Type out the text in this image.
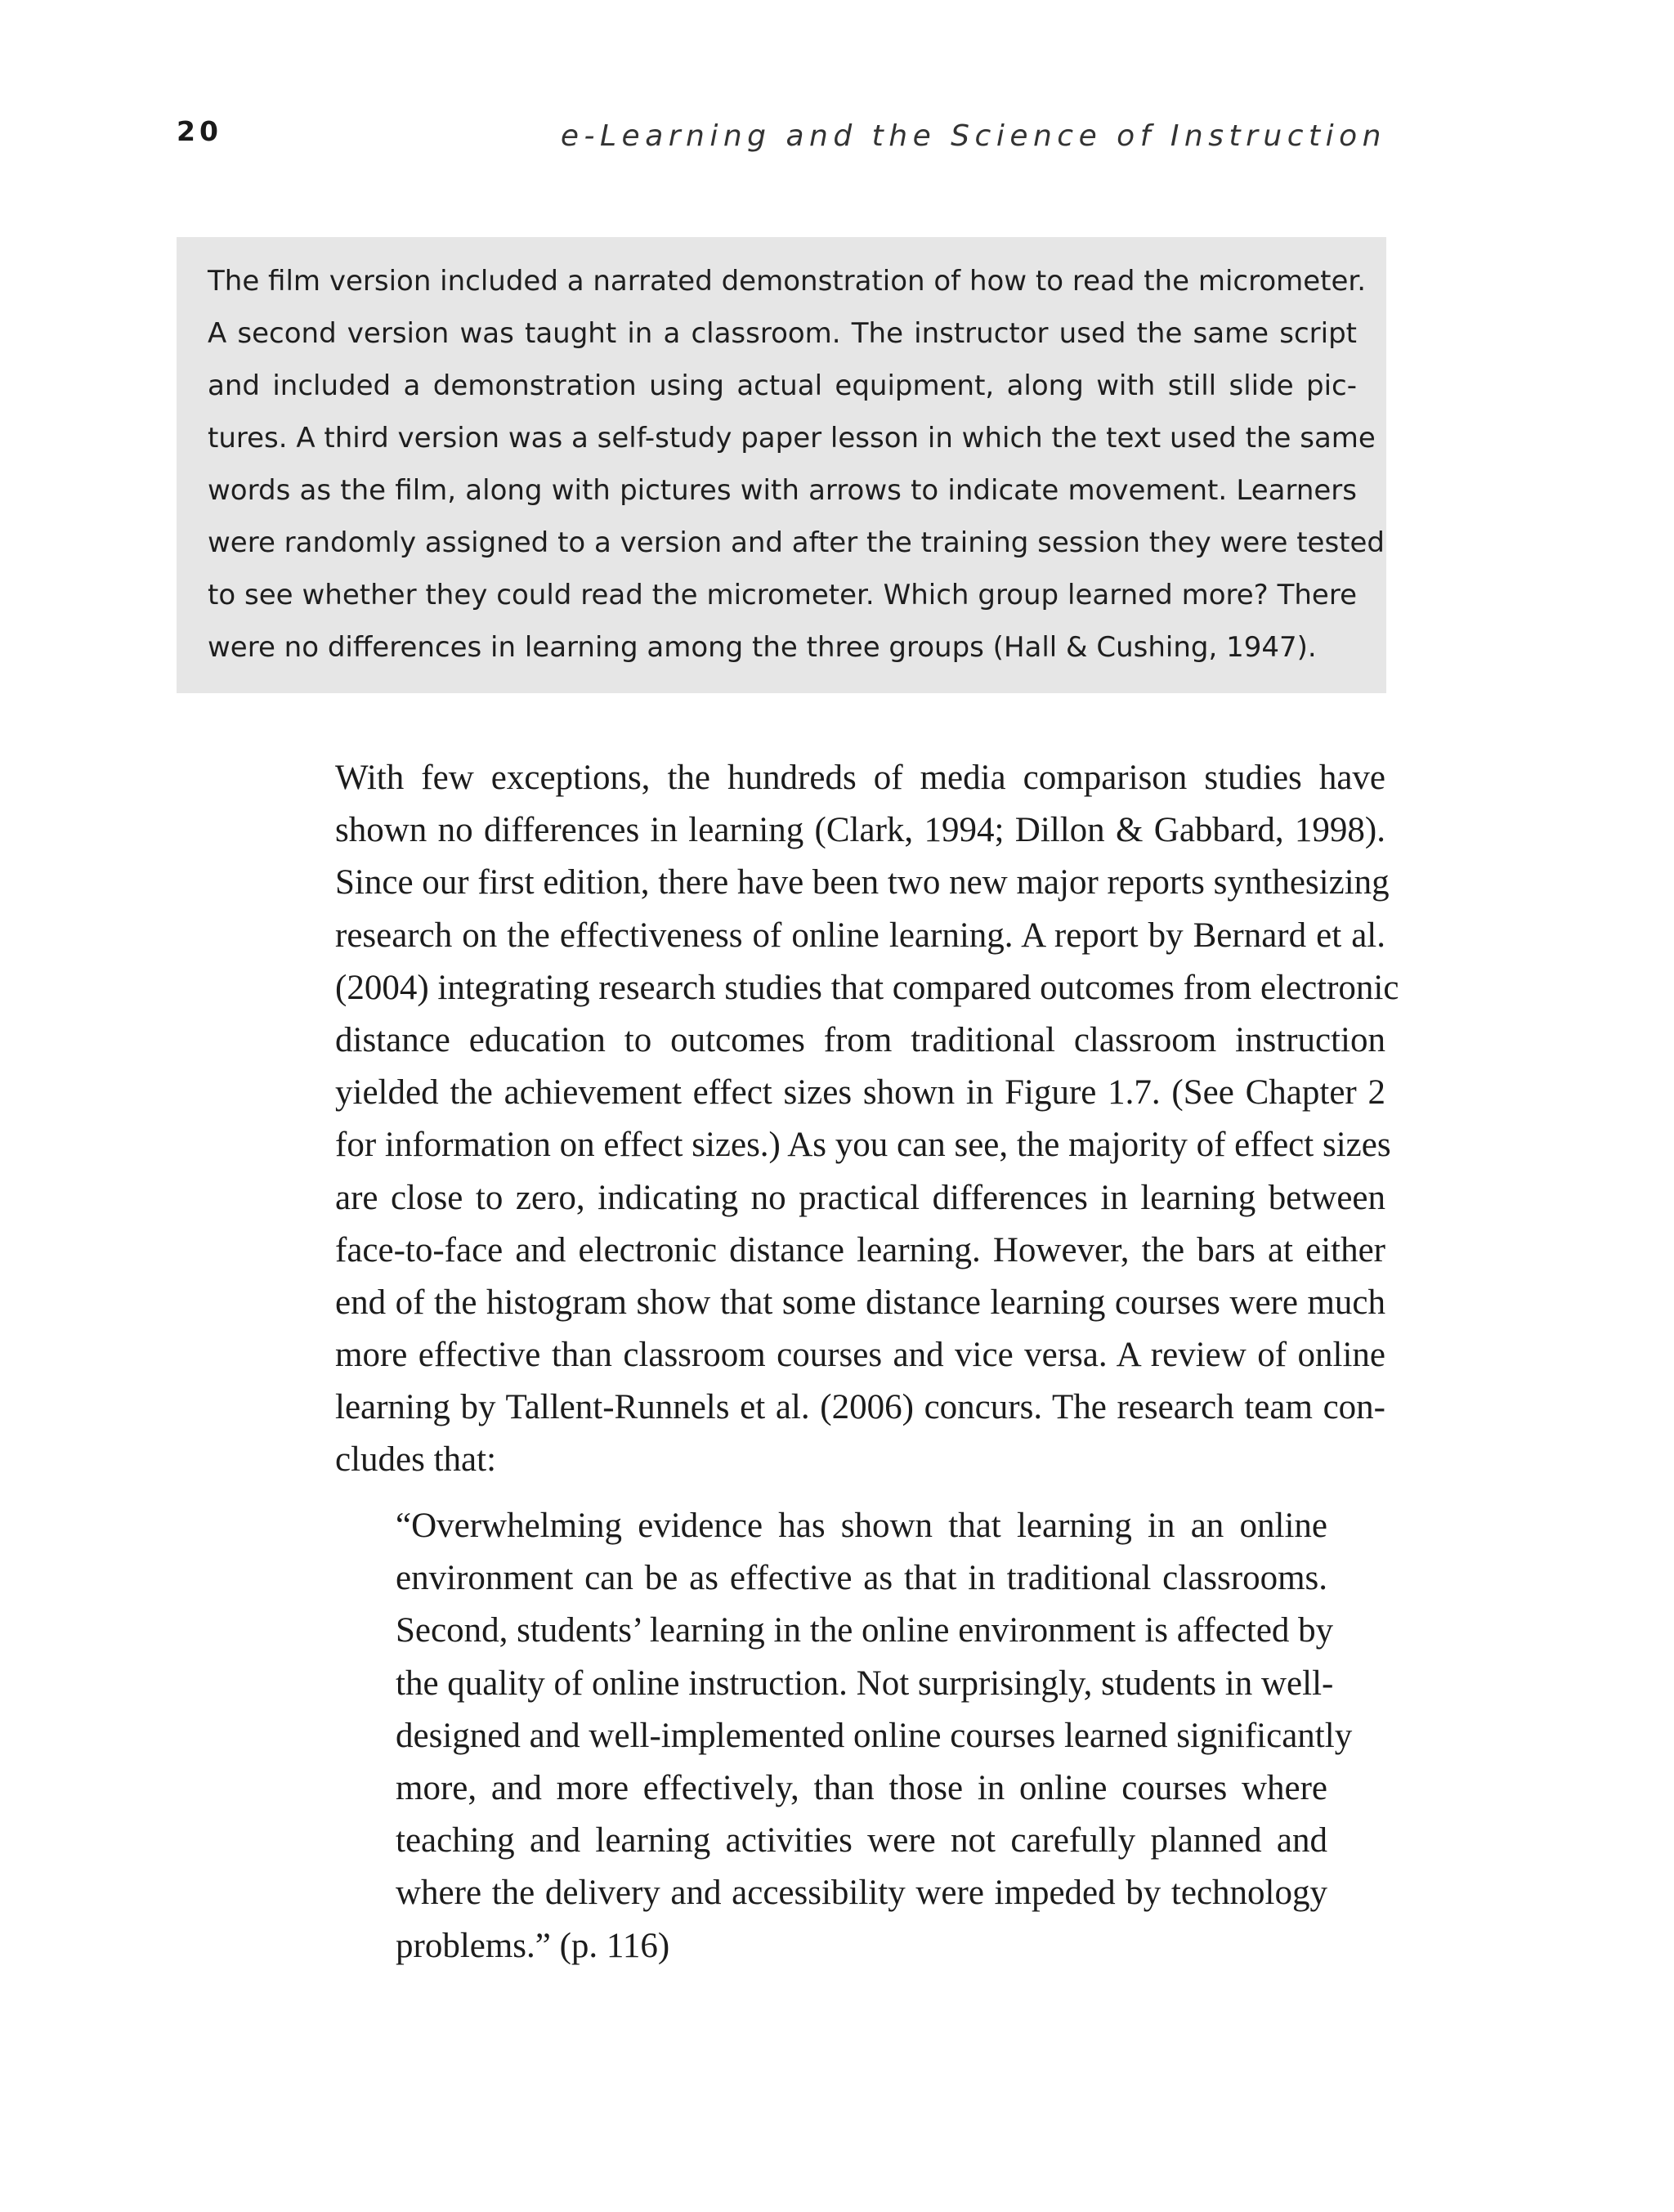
20	e-Learning and the Science of Instruction
The film version included a narrated demonstration of how to read the micrometer.
A second version was taught in a classroom. The instructor used the same script
and included a demonstration using actual equipment, along with still slide pic-
tures. A third version was a self-study paper lesson in which the text used the same
words as the film, along with pictures with arrows to indicate movement. Learners
were randomly assigned to a version and after the training session they were tested
to see whether they could read the micrometer. Which group learned more? There
were no differences in learning among the three groups (Hall & Cushing, 1947).
With few exceptions, the hundreds of media comparison studies have
shown no differences in learning (Clark, 1994; Dillon & Gabbard, 1998).
Since our first edition, there have been two new major reports synthesizing
research on the effectiveness of online learning. A report by Bernard et al.
(2004) integrating research studies that compared outcomes from electronic
distance education to outcomes from traditional classroom instruction
yielded the achievement effect sizes shown in Figure 1.7. (See Chapter 2
for information on effect sizes.) As you can see, the majority of effect sizes
are close to zero, indicating no practical differences in learning between
face-to-face and electronic distance learning. However, the bars at either
end of the histogram show that some distance learning courses were much
more effective than classroom courses and vice versa. A review of online
learning by Tallent-Runnels et al. (2006) concurs. The research team con-
cludes that:
“Overwhelming evidence has shown that learning in an online
environment can be as effective as that in traditional classrooms.
Second, students’ learning in the online environment is affected by
the quality of online instruction. Not surprisingly, students in well-
designed and well-implemented online courses learned significantly
more, and more effectively, than those in online courses where
teaching and learning activities were not carefully planned and
where the delivery and accessibility were impeded by technology
problems.” (p. 116)
